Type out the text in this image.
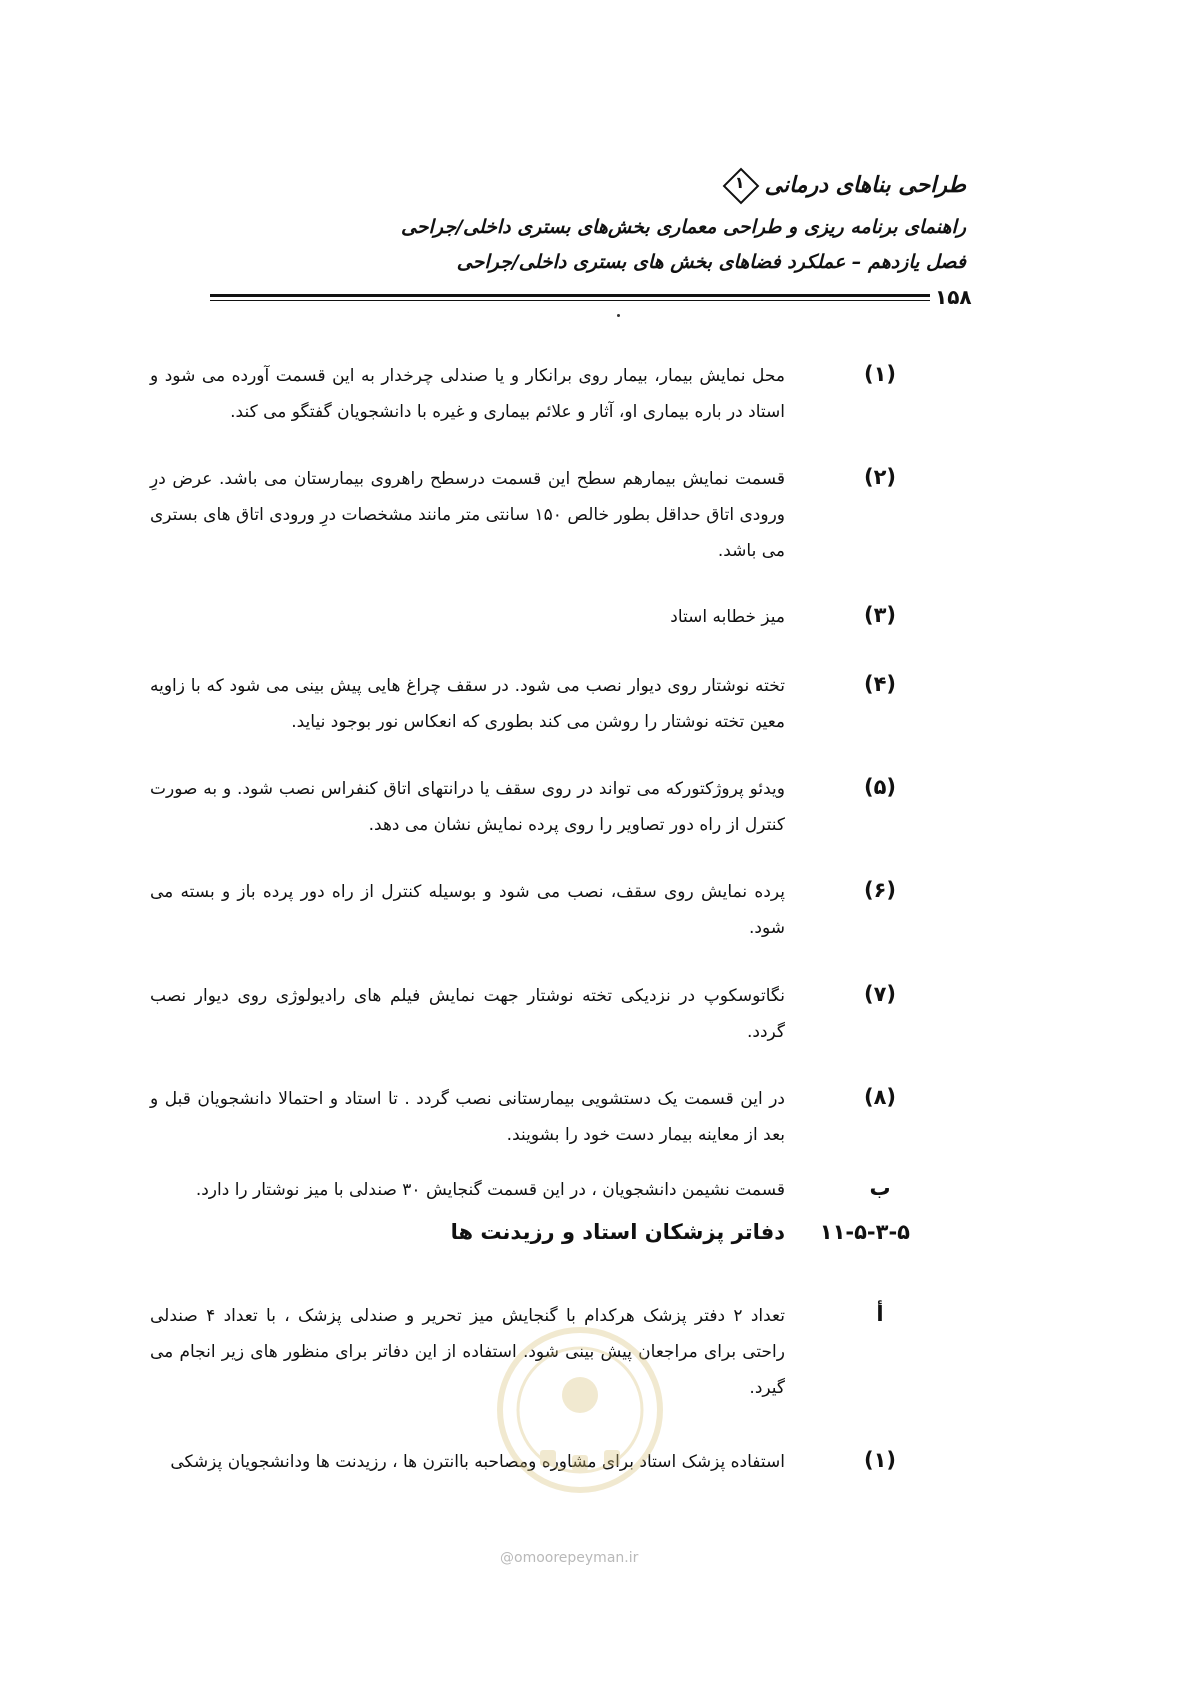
طراحی بناهای درمانی
۱
راهنمای برنامه ریزی و طراحی معماری بخش‌های بستری داخلی/جراحی
فصل یازدهم – عملکرد فضاهای بخش های بستری داخلی/جراحی
۱۵۸
(۱)
محل نمایش بیمار، بیمار روی برانکار و یا صندلی چرخدار به این قسمت آورده می شود و استاد در باره بیماری او، آثار و علائم بیماری و غیره با دانشجویان گفتگو می کند.
(۲)
قسمت نمایش بیمارهم سطح این قسمت درسطح راهروی بیمارستان می باشد. عرض درِ ورودی اتاق حداقل بطور خالص ۱۵۰ سانتی متر مانند مشخصات درِ ورودی اتاق های بستری می باشد.
(۳)
میز خطابه استاد
(۴)
تخته نوشتار روی دیوار نصب می شود. در سقف چراغ هایی پیش بینی می شود که با زاویه معین تخته نوشتار را روشن می کند بطوری که انعکاس نور بوجود نیاید.
(۵)
ویدئو پروژکتورکه می تواند در روی سقف یا درانتهای اتاق کنفراس نصب شود. و به صورت کنترل از راه دور تصاویر را روی پرده نمایش نشان می دهد.
(۶)
پرده نمایش روی سقف، نصب می شود و بوسیله کنترل از راه دور پرده باز و بسته می شود.
(۷)
نگاتوسکوپ در نزدیکی تخته نوشتار جهت نمایش فیلم های رادیولوژی روی دیوار نصب گردد.
(۸)
در این قسمت یک دستشویی بیمارستانی نصب گردد . تا استاد و احتمالا دانشجویان قبل و بعد از معاینه بیمار دست خود را بشویند.
ب
قسمت نشیمن دانشجویان ، در این قسمت گنجایش ۳۰ صندلی با میز نوشتار را دارد.
۱۱-۵-۳-۵
دفاتر پزشکان استاد و رزیدنت ها
أ
تعداد ۲ دفتر پزشک هرکدام با گنجایش میز تحریر و صندلی پزشک ، با تعداد ۴ صندلی راحتی برای مراجعان پیش بینی شود. استفاده از این دفاتر برای منظور های زیر انجام می گیرد.
(۱)
استفاده پزشک استاد برای مشاوره ومصاحبه باانترن ها ، رزیدنت ها ودانشجویان پزشکی
@omoorepeyman.ir
